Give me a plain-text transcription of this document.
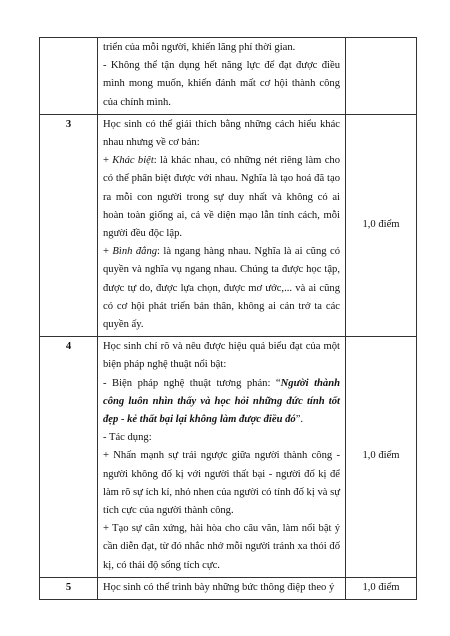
	triển của mỗi người, khiến lãng phí thời gian.
- Không thể tận dụng hết năng lực để đạt được điều mình mong muốn, khiến đánh mất cơ hội thành công của chính mình.	

3	Học sinh có thể giải thích bằng những cách hiểu khác nhau nhưng về cơ bản:
+ Khác biệt: là khác nhau, có những nét riêng làm cho có thể phân biệt được với nhau. Nghĩa là tạo hoá đã tạo ra mỗi con người trong sự duy nhất và không có ai hoàn toàn giống ai, cả về diện mạo lẫn tính cách, mỗi người đều độc lập.
+ Bình đẳng: là ngang hàng nhau. Nghĩa là ai cũng có quyền và nghĩa vụ ngang nhau. Chúng ta được học tập, được tự do, được lựa chọn, được mơ ước,... và ai cũng có cơ hội phát triển bản thân, không ai cản trở ta các quyền ấy.	1,0 điểm
4	Học sinh chỉ rõ và nêu được hiệu quả biểu đạt của một biện pháp nghệ thuật nổi bật:
- Biện pháp nghệ thuật tương phản: “Người thành công luôn nhìn thấy và học hỏi những đức tính tốt đẹp - kẻ thất bại lại không làm được điều đó”.
- Tác dụng:
+ Nhấn mạnh sự trái ngược giữa người thành công - người không đố kị với người thất bại - người đố kị để làm rõ sự ích kỉ, nhỏ nhen của người có tính đố kị và sự tích cực của người thành công.
+ Tạo sự cân xứng, hài hòa cho câu văn, làm nổi bật ý cần diễn đạt, từ đó nhắc nhở mỗi người tránh xa thói đố kị, có thái độ sống tích cực.	1,0 điểm
5	Học sinh có thể trình bày những bức thông điệp theo ý	1,0 điểm
